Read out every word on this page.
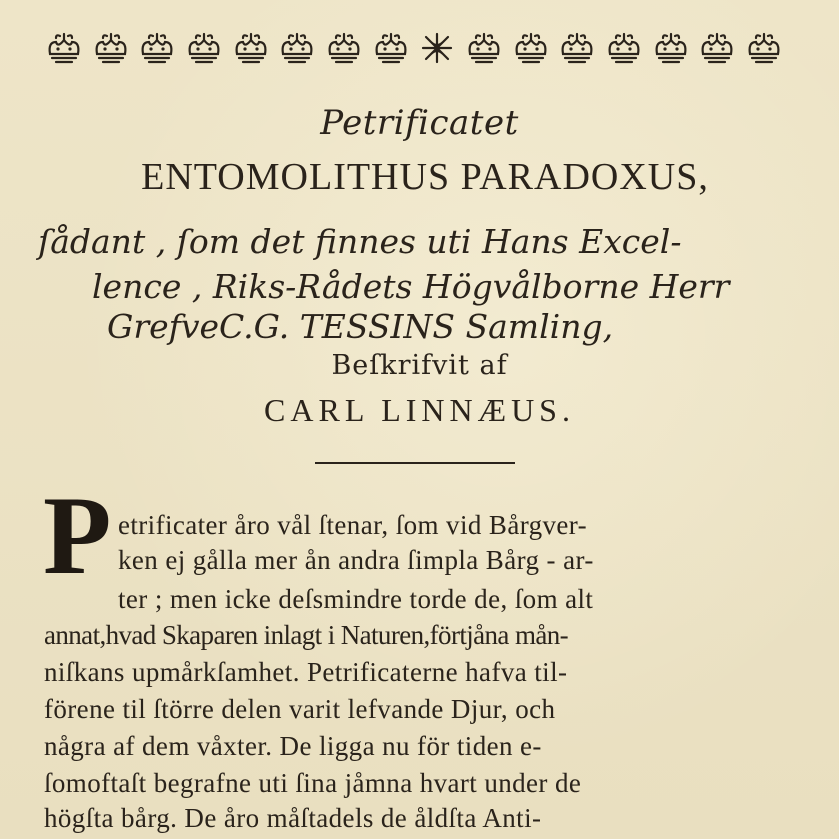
Petrificatet
ENTOMOLITHUS PARADOXUS,
ſådant , ſom det finnes uti Hans Excel-
lence , Riks-Rådets Högvålborne Herr
GrefveC.G. TESSINS Samling,
Beſkrifvit af
CARL LINNÆUS.
P etrificater åro vål ſtenar, ſom vid Bårgver-
ken ej gålla mer ån andra ſimpla Bårg - ar-
ter ; men icke deſsmindre torde de, ſom alt
annat,hvad Skaparen inlagt i Naturen,förtjåna mån-
niſkans upmårkſamhet. Petrificaterne hafva til-
förene til ſtörre delen varit lefvande Djur, och
några af dem våxter. De ligga nu för tiden e-
ſomoftaſt begrafne uti ſina jåmna hvart under de
högſta bårg. De åro måſtadels de åldſta Anti-
